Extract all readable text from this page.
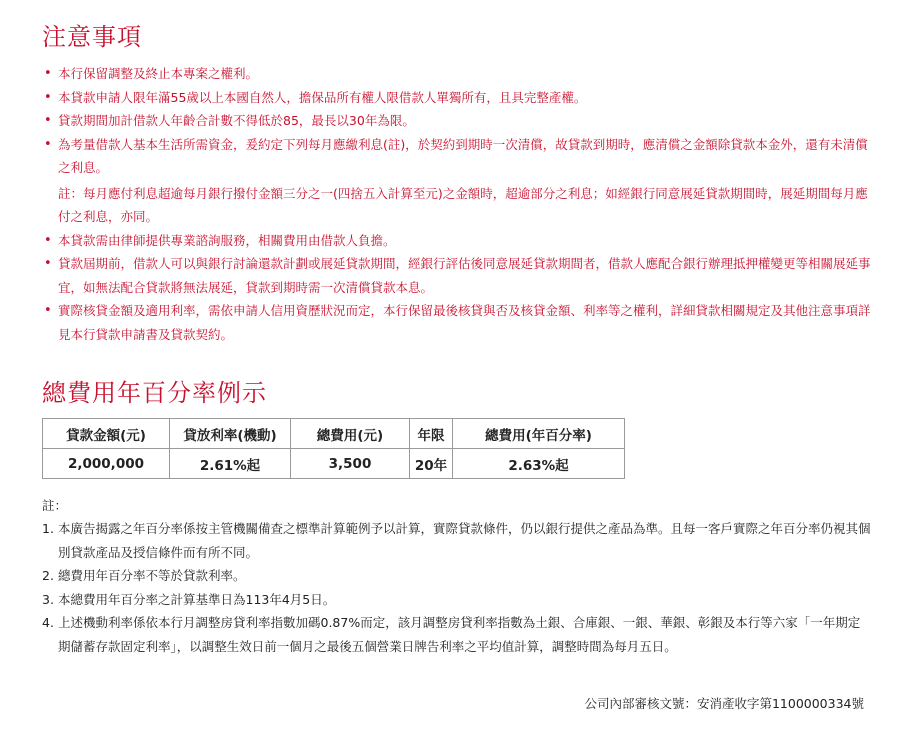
注意事項
• 本行保留調整及終止本專案之權利。
• 本貸款申請人限年滿55歲以上本國自然人，擔保品所有權人限借款人單獨所有，且具完整產權。
• 貸款期間加計借款人年齡合計數不得低於85，最長以30年為限。
• 為考量借款人基本生活所需資金，爰約定下列每月應繳利息(註)，於契約到期時一次清償，故貸款到期時，應清償之金額除貸款本金外，還有未清償之利息。
註：每月應付利息超逾每月銀行撥付金額三分之一(四捨五入計算至元)之金額時，超逾部分之利息；如經銀行同意展延貸款期間時，展延期間每月應付之利息，亦同。
• 本貸款需由律師提供專業諮詢服務，相關費用由借款人負擔。
• 貸款屆期前，借款人可以與銀行討論還款計劃或展延貸款期間，經銀行評估後同意展延貸款期間者，借款人應配合銀行辦理抵押權變更等相關展延事宜，如無法配合貸款將無法展延，貸款到期時需一次清償貸款本息。
• 實際核貸金額及適用利率，需依申請人信用資歷狀況而定，本行保留最後核貸與否及核貸金額、利率等之權利，詳細貸款相關規定及其他注意事項詳見本行貸款申請書及貸款契約。
總費用年百分率例示
貸款金額(元)	貸放利率(機動)	總費用(元)	年限	總費用(年百分率)
2,000,000	2.61%起	3,500	20年	2.63%起

註：

1. 本廣告揭露之年百分率係按主管機關備查之標準計算範例予以計算，實際貸款條件，仍以銀行提供之產品為準。且每一客戶實際之年百分率仍視其個別貸款產品及授信條件而有所不同。
2. 總費用年百分率不等於貸款利率。
3. 本總費用年百分率之計算基準日為113年4月5日。
4. 上述機動利率係依本行月調整房貸利率指數加碼0.87%而定，該月調整房貸利率指數為土銀、合庫銀、一銀、華銀、彰銀及本行等六家「一年期定期儲蓄存款固定利率」，以調整生效日前一個月之最後五個營業日牌告利率之平均值計算，調整時間為每月五日。

公司內部審核文號：安消產收字第1100000334號
